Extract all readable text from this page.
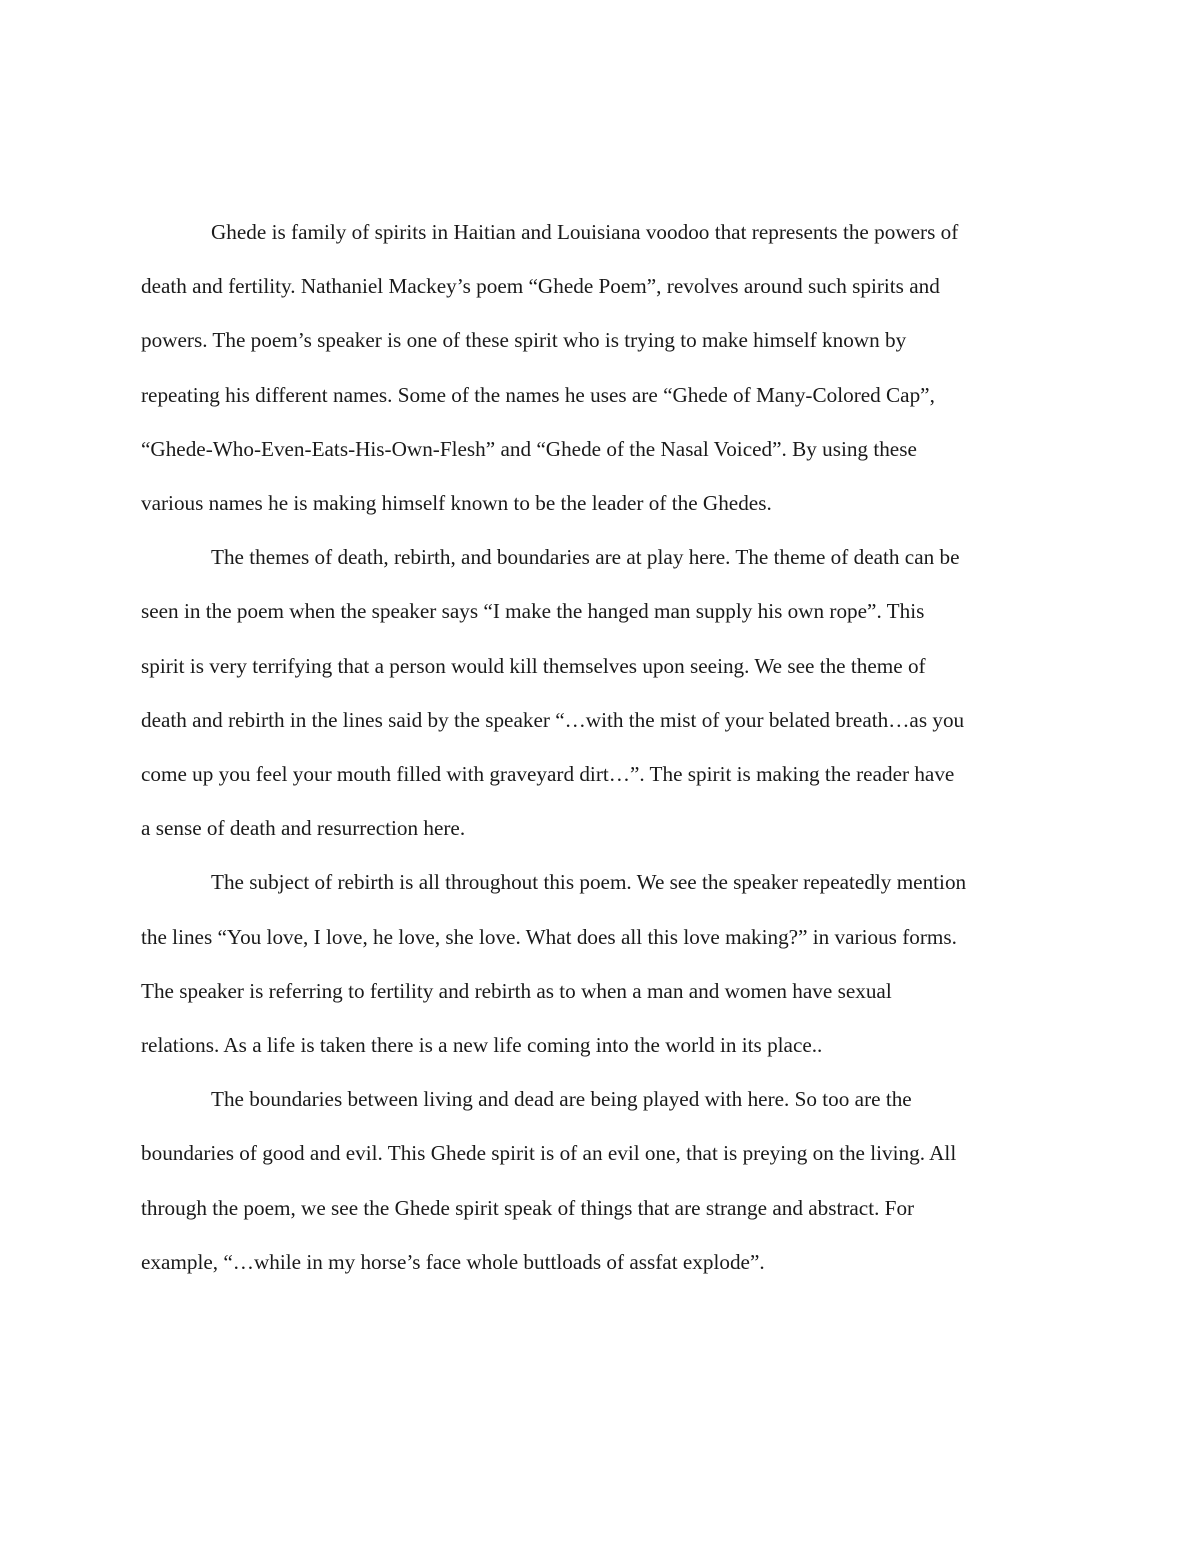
Ghede is family of spirits in Haitian and Louisiana voodoo that represents the powers of
death and fertility. Nathaniel Mackey’s poem “Ghede Poem”, revolves around such spirits and
powers. The poem’s speaker is one of these spirit who is trying to make himself known by
repeating his different names. Some of the names he uses are “Ghede of Many-Colored Cap”,
“Ghede-Who-Even-Eats-His-Own-Flesh” and “Ghede of the Nasal Voiced”. By using these
various names he is making himself known to be the leader of the Ghedes.

The themes of death, rebirth, and boundaries are at play here. The theme of death can be
seen in the poem when the speaker says “I make the hanged man supply his own rope”. This
spirit is very terrifying that a person would kill themselves upon seeing. We see the theme of
death and rebirth in the lines said by the speaker “…with the mist of your belated breath…as you
come up you feel your mouth filled with graveyard dirt…”. The spirit is making the reader have
a sense of death and resurrection here.

The subject of rebirth is all throughout this poem. We see the speaker repeatedly mention
the lines “You love, I love, he love, she love. What does all this love making?” in various forms.
The speaker is referring to fertility and rebirth as to when a man and women have sexual
relations. As a life is taken there is a new life coming into the world in its place..

The boundaries between living and dead are being played with here. So too are the
boundaries of good and evil. This Ghede spirit is of an evil one, that is preying on the living. All
through the poem, we see the Ghede spirit speak of things that are strange and abstract. For
example, “…while in my horse’s face whole buttloads of assfat explode”.
